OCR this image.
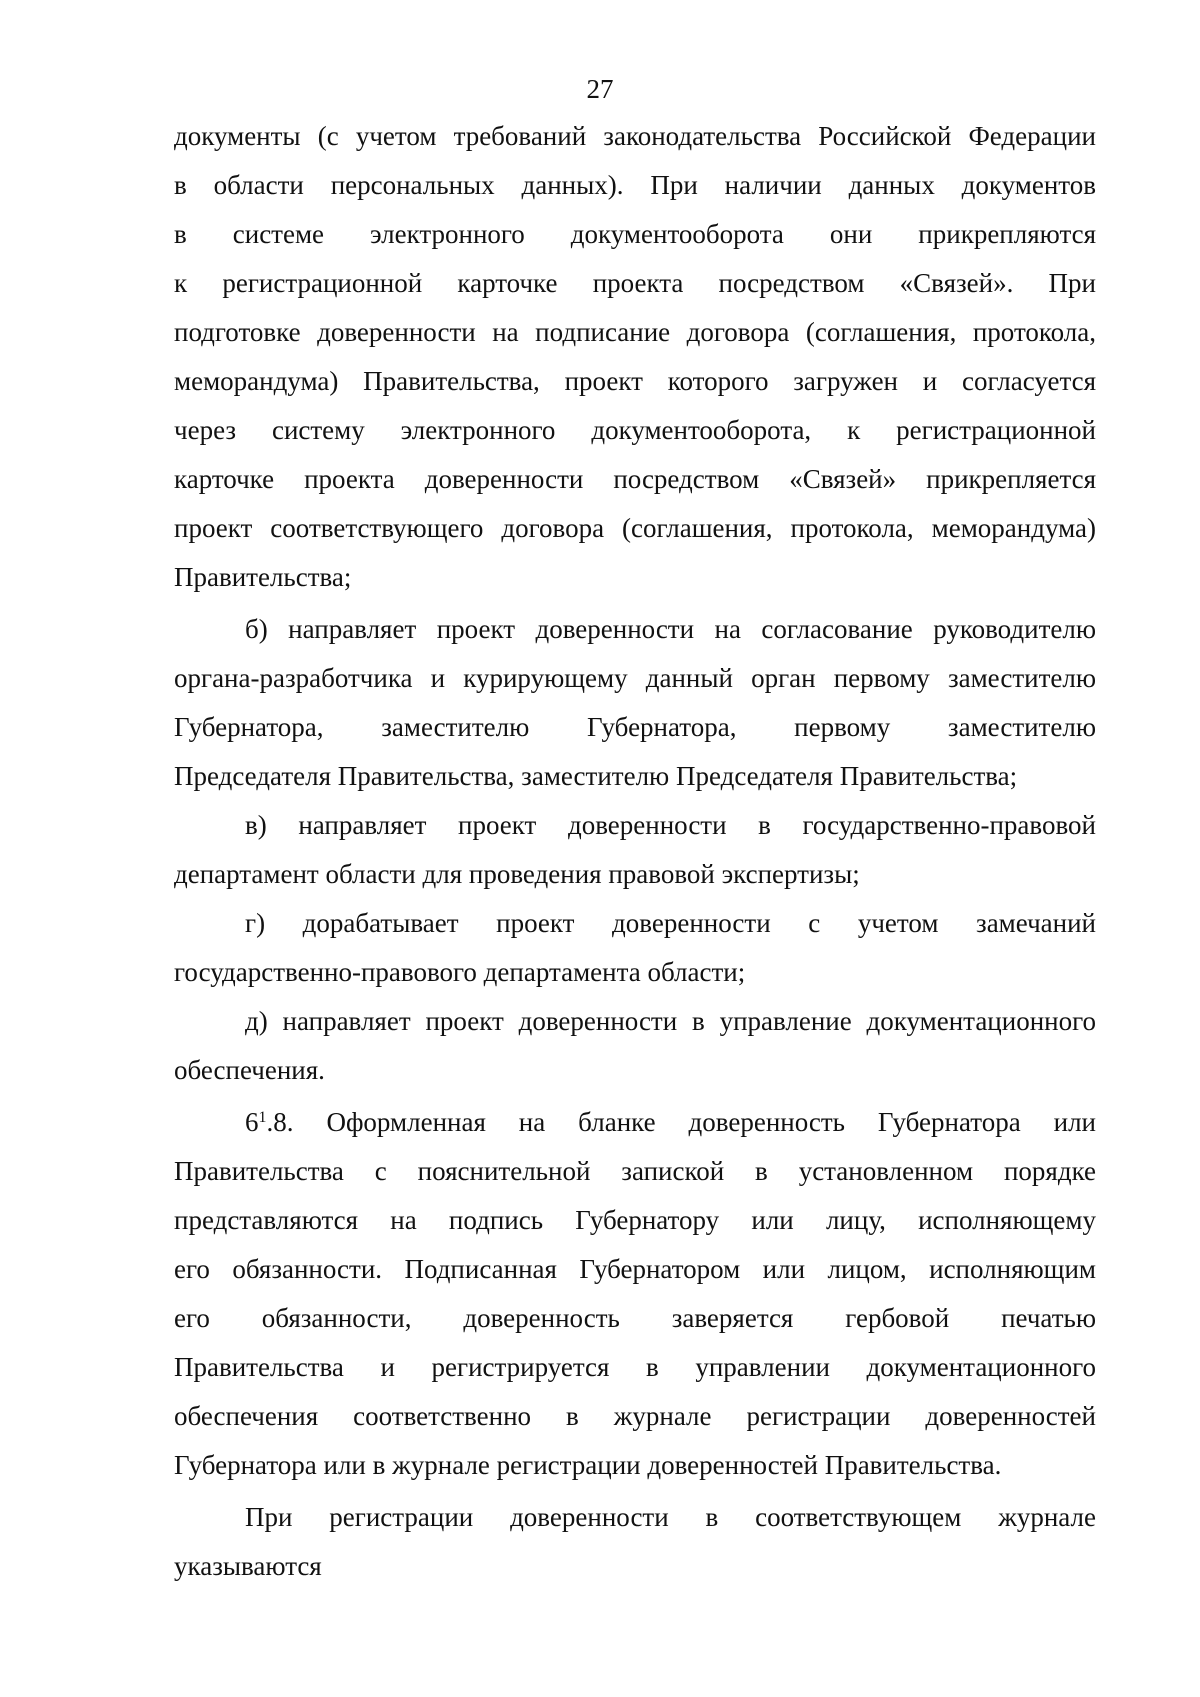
27
документы (с учетом требований законодательства Российской Федерации
в области персональных данных). При наличии данных документов
в системе электронного документооборота они прикрепляются
к регистрационной карточке проекта посредством «Связей». При
подготовке доверенности на подписание договора (соглашения, протокола,
меморандума) Правительства, проект которого загружен и согласуется
через систему электронного документооборота, к регистрационной
карточке проекта доверенности посредством «Связей» прикрепляется
проект соответствующего договора (соглашения, протокола, меморандума)
Правительства;
б) направляет проект доверенности на согласование руководителю
органа-разработчика и курирующему данный орган первому заместителю
Губернатора, заместителю Губернатора, первому заместителю
Председателя Правительства, заместителю Председателя Правительства;
в) направляет проект доверенности в государственно-правовой
департамент области для проведения правовой экспертизы;
г) дорабатывает проект доверенности с учетом замечаний
государственно-правового департамента области;
д) направляет проект доверенности в управление документационного
обеспечения.
$6^1.8$. Оформленная на бланке доверенность Губернатора или
Правительства с пояснительной запиской в установленном порядке
представляются на подпись Губернатору или лицу, исполняющему
его обязанности. Подписанная Губернатором или лицом, исполняющим
его обязанности, доверенность заверяется гербовой печатью
Правительства и регистрируется в управлении документационного
обеспечения соответственно в журнале регистрации доверенностей
Губернатора или в журнале регистрации доверенностей Правительства.
При регистрации доверенности в соответствующем журнале
указываются
